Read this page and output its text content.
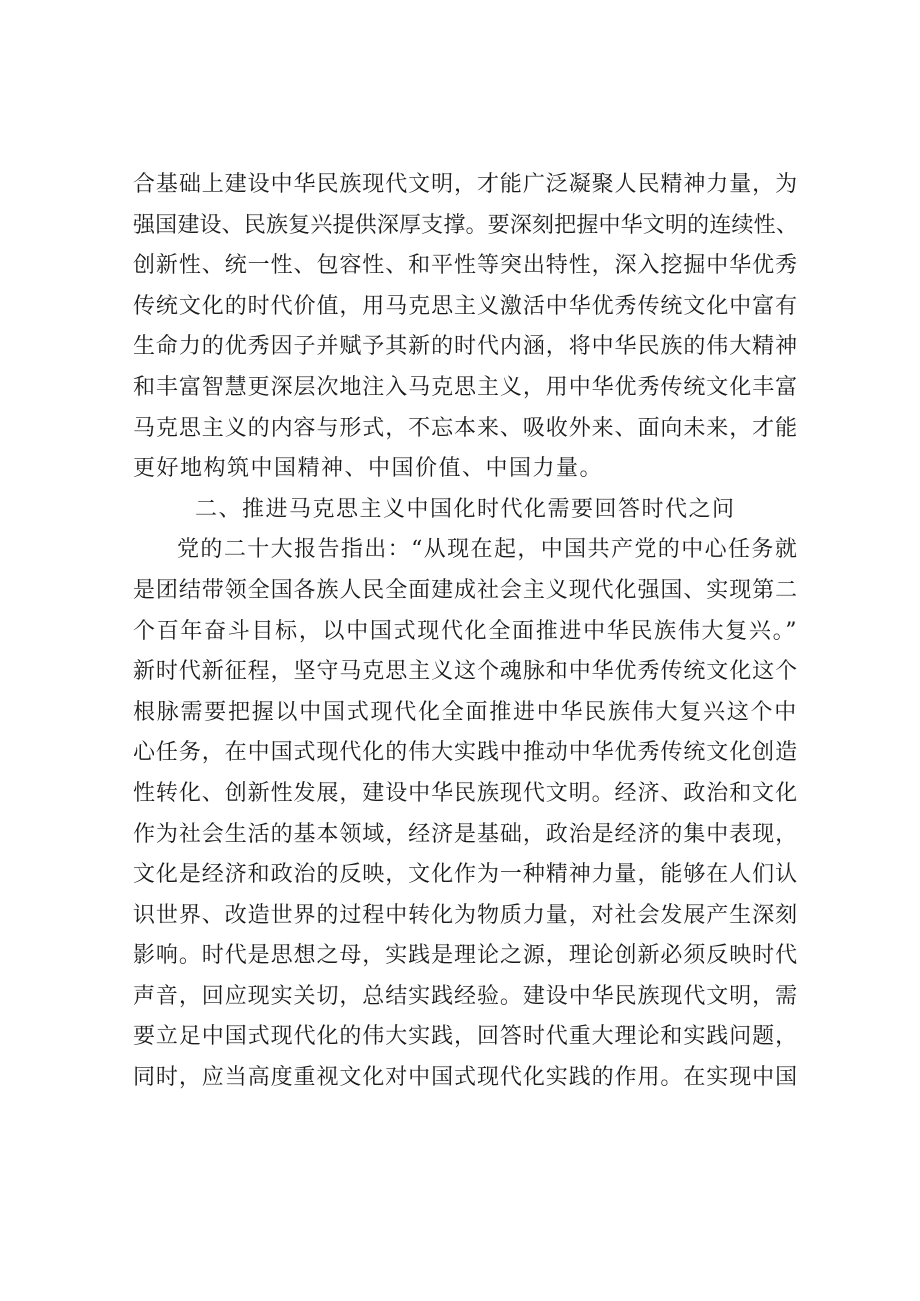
合基础上建设中华民族现代文明，才能广泛凝聚人民精神力量，为
强国建设、民族复兴提供深厚支撑。要深刻把握中华文明的连续性、
创新性、统一性、包容性、和平性等突出特性，深入挖掘中华优秀
传统文化的时代价值，用马克思主义激活中华优秀传统文化中富有
生命力的优秀因子并赋予其新的时代内涵，将中华民族的伟大精神
和丰富智慧更深层次地注入马克思主义，用中华优秀传统文化丰富
马克思主义的内容与形式，不忘本来、吸收外来、面向未来，才能
更好地构筑中国精神、中国价值、中国力量。
二、推进马克思主义中国化时代化需要回答时代之问
党的二十大报告指出：“从现在起，中国共产党的中心任务就
是团结带领全国各族人民全面建成社会主义现代化强国、实现第二
个百年奋斗目标，以中国式现代化全面推进中华民族伟大复兴。”
新时代新征程，坚守马克思主义这个魂脉和中华优秀传统文化这个
根脉需要把握以中国式现代化全面推进中华民族伟大复兴这个中
心任务，在中国式现代化的伟大实践中推动中华优秀传统文化创造
性转化、创新性发展，建设中华民族现代文明。经济、政治和文化
作为社会生活的基本领域，经济是基础，政治是经济的集中表现，
文化是经济和政治的反映，文化作为一种精神力量，能够在人们认
识世界、改造世界的过程中转化为物质力量，对社会发展产生深刻
影响。时代是思想之母，实践是理论之源，理论创新必须反映时代
声音，回应现实关切，总结实践经验。建设中华民族现代文明，需
要立足中国式现代化的伟大实践，回答时代重大理论和实践问题，
同时，应当高度重视文化对中国式现代化实践的作用。在实现中国
